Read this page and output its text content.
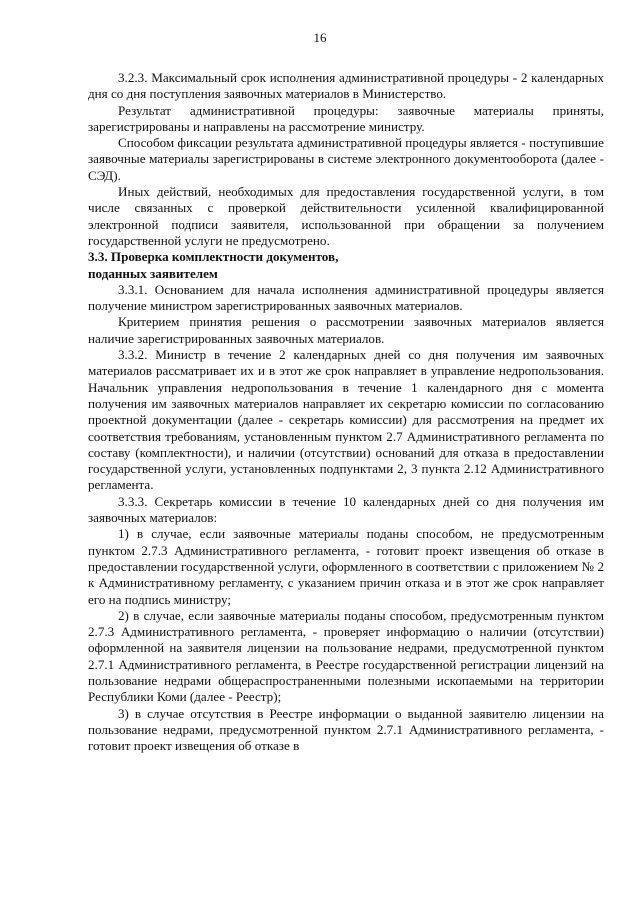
16

3.2.3. Максимальный срок исполнения административной процедуры - 2 календарных дня со дня поступления заявочных материалов в Министерство.

Результат административной процедуры: заявочные материалы приняты, зарегистрированы и направлены на рассмотрение министру.

Способом фиксации результата административной процедуры является - поступившие заявочные материалы зарегистрированы в системе электронного документооборота (далее - СЭД).

Иных действий, необходимых для предоставления государственной услуги, в том числе связанных с проверкой действительности усиленной квалифицированной электронной подписи заявителя, использованной при обращении за получением государственной услуги не предусмотрено.

3.3. Проверка комплектности документов,
поданных заявителем

3.3.1. Основанием для начала исполнения административной процедуры является получение министром зарегистрированных заявочных материалов.

Критерием принятия решения о рассмотрении заявочных материалов является наличие зарегистрированных заявочных материалов.

3.3.2. Министр в течение 2 календарных дней со дня получения им заявочных материалов рассматривает их и в этот же срок направляет в управление недропользования. Начальник управления недропользования в течение 1 календарного дня с момента получения им заявочных материалов направляет их секретарю комиссии по согласованию проектной документации (далее - секретарь комиссии) для рассмотрения на предмет их соответствия требованиям, установленным пунктом 2.7 Административного регламента по составу (комплектности), и наличии (отсутствии) оснований для отказа в предоставлении государственной услуги, установленных подпунктами 2, 3 пункта 2.12 Административного регламента.

3.3.3. Секретарь комиссии в течение 10 календарных дней со дня получения им заявочных материалов:

1) в случае, если заявочные материалы поданы способом, не предусмотренным пунктом 2.7.3 Административного регламента, - готовит проект извещения об отказе в предоставлении государственной услуги, оформленного в соответствии с приложением № 2 к Административному регламенту, с указанием причин отказа и в этот же срок направляет его на подпись министру;

2) в случае, если заявочные материалы поданы способом, предусмотренным пунктом 2.7.3 Административного регламента, - проверяет информацию о наличии (отсутствии) оформленной на заявителя лицензии на пользование недрами, предусмотренной пунктом 2.7.1 Административного регламента, в Реестре государственной регистрации лицензий на пользование недрами общераспространенными полезными ископаемыми на территории Республики Коми (далее - Реестр);

3) в случае отсутствия в Реестре информации о выданной заявителю лицензии на пользование недрами, предусмотренной пунктом 2.7.1 Административного регламента, - готовит проект извещения об отказе в
